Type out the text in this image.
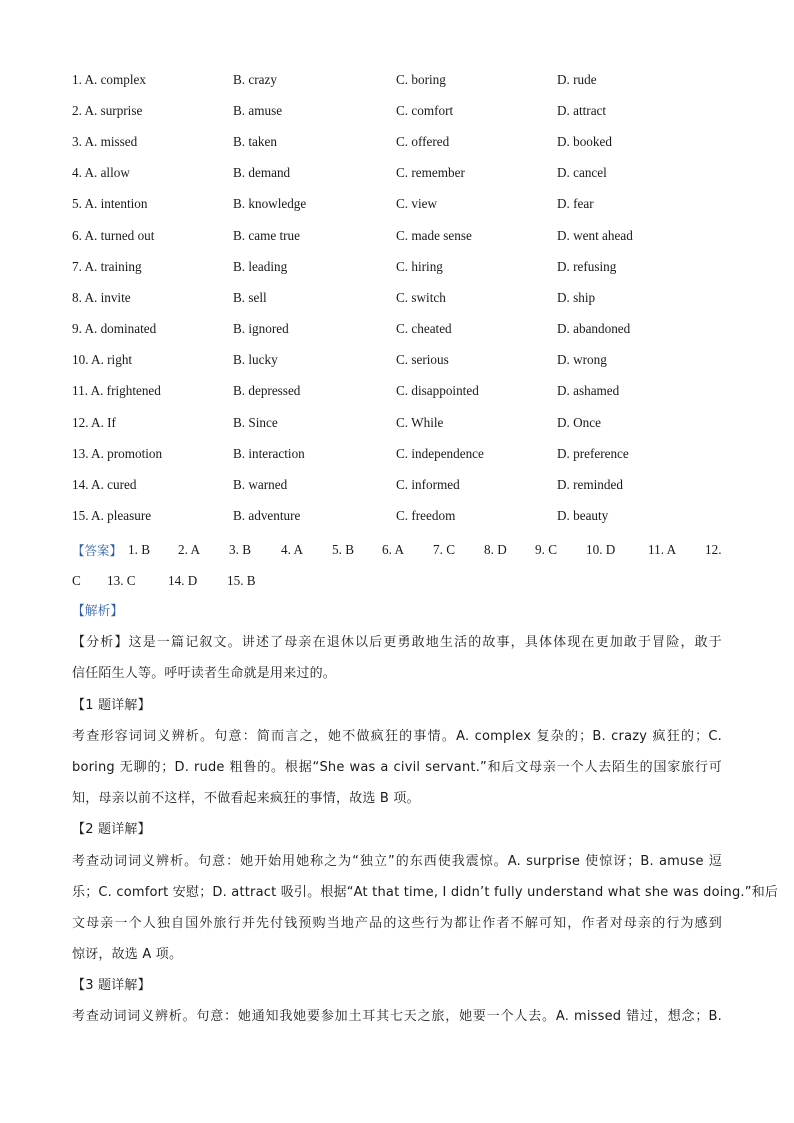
1. A. complex	B. crazy	C. boring	D. rude
2. A. surprise	B. amuse	C. comfort	D. attract
3. A. missed	B. taken	C. offered	D. booked
4. A. allow	B. demand	C. remember	D. cancel
5. A. intention	B. knowledge	C. view	D. fear
6. A. turned out	B. came true	C. made sense	D. went ahead
7. A. training	B. leading	C. hiring	D. refusing
8. A. invite	B. sell	C. switch	D. ship
9. A. dominated	B. ignored	C. cheated	D. abandoned
10. A. right	B. lucky	C. serious	D. wrong
11. A. frightened	B. depressed	C. disappointed	D. ashamed
12. A. If	B. Since	C. While	D. Once
13. A. promotion	B. interaction	C. independence	D. preference
14. A. cured	B. warned	C. informed	D. reminded
15. A. pleasure	B. adventure	C. freedom	D. beauty
【答案】 1. B 2. A 3. B 4. A 5. B 6. A 7. C 8. D 9. C 10. D 11. A 12.
C 13. C 14. D 15. B
【解析】
【分析】这是一篇记叙文。讲述了母亲在退休以后更勇敢地生活的故事，具体体现在更加敢于冒险，敢于
信任陌生人等。呼吁读者生命就是用来过的。
【1 题详解】
考查形容词词义辨析。句意：简而言之，她不做疯狂的事情。A. complex 复杂的；B. crazy 疯狂的；C.
boring 无聊的；D. rude 粗鲁的。根据“She was a civil servant.”和后文母亲一个人去陌生的国家旅行可
知，母亲以前不这样，不做看起来疯狂的事情，故选 B 项。
【2 题详解】
考查动词词义辨析。句意：她开始用她称之为“独立”的东西使我震惊。A. surprise 使惊讶；B. amuse 逗
乐；C. comfort 安慰；D. attract 吸引。根据“At that time, I didn’t fully understand what she was doing.”和后
文母亲一个人独自国外旅行并先付钱预购当地产品的这些行为都让作者不解可知，作者对母亲的行为感到
惊讶，故选 A 项。
【3 题详解】
考查动词词义辨析。句意：她通知我她要参加土耳其七天之旅，她要一个人去。A. missed 错过，想念；B.
